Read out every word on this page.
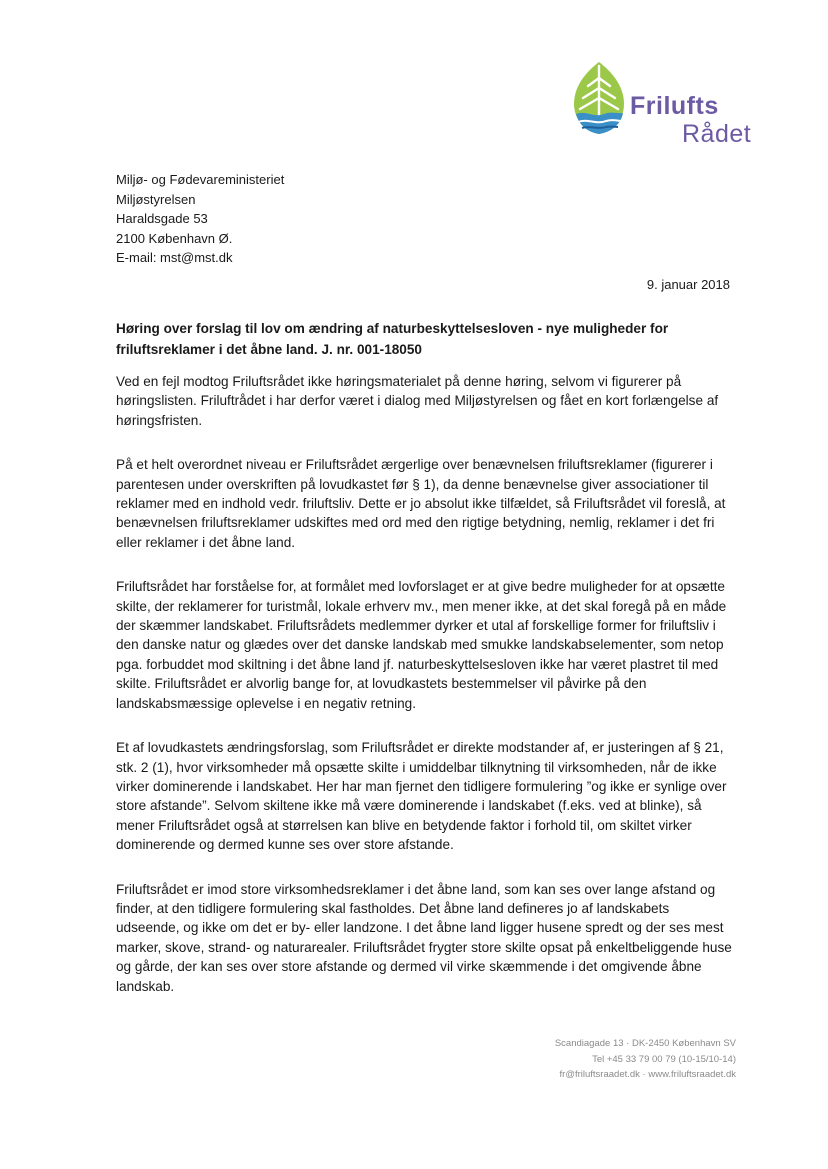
Frilufts
Rådet
Miljø- og Fødevareministeriet
Miljøstyrelsen
Haraldsgade 53
2100 København Ø.
E-mail: mst@mst.dk
9. januar 2018
Høring over forslag til lov om ændring af naturbeskyttelsesloven - nye muligheder for friluftsreklamer i det åbne land. J. nr. 001-18050

Ved en fejl modtog Friluftsrådet ikke høringsmaterialet på denne høring, selvom vi figurerer på høringslisten. Friluftrådet i har derfor været i dialog med Miljøstyrelsen og fået en kort forlængelse af høringsfristen.

På et helt overordnet niveau er Friluftsrådet ærgerlige over benævnelsen friluftsreklamer (figurerer i parentesen under overskriften på lovudkastet før § 1), da denne benævnelse giver associationer til reklamer med en indhold vedr. friluftsliv. Dette er jo absolut ikke tilfældet, så Friluftsrådet vil foreslå, at benævnelsen friluftsreklamer udskiftes med ord med den rigtige betydning, nemlig, reklamer i det fri eller reklamer i det åbne land.

Friluftsrådet har forståelse for, at formålet med lovforslaget er at give bedre muligheder for at opsætte skilte, der reklamerer for turistmål, lokale erhverv mv., men mener ikke, at det skal foregå på en måde der skæmmer landskabet. Friluftsrådets medlemmer dyrker et utal af forskellige former for friluftsliv i den danske natur og glædes over det danske landskab med smukke landskabselementer, som netop pga. forbuddet mod skiltning i det åbne land jf. naturbeskyttelsesloven ikke har været plastret til med skilte. Friluftsrådet er alvorlig bange for, at lovudkastets bestemmelser vil påvirke på den landskabsmæssige oplevelse i en negativ retning.

Et af lovudkastets ændringsforslag, som Friluftsrådet er direkte modstander af, er justeringen af § 21, stk. 2 (1), hvor virksomheder må opsætte skilte i umiddelbar tilknytning til virksomheden, når de ikke virker dominerende i landskabet. Her har man fjernet den tidligere formulering ”og ikke er synlige over store afstande”. Selvom skiltene ikke må være dominerende i landskabet (f.eks. ved at blinke), så mener Friluftsrådet også at størrelsen kan blive en betydende faktor i forhold til, om skiltet virker dominerende og dermed kunne ses over store afstande.

Friluftsrådet er imod store virksomhedsreklamer i det åbne land, som kan ses over lange afstand og finder, at den tidligere formulering skal fastholdes. Det åbne land defineres jo af landskabets udseende, og ikke om det er by- eller landzone. I det åbne land ligger husene spredt og der ses mest marker, skove, strand- og naturarealer. Friluftsrådet frygter store skilte opsat på enkeltbeliggende huse og gårde, der kan ses over store afstande og dermed vil virke skæmmende i det omgivende åbne landskab.

Scandiagade 13 · DK-2450 København SV
Tel +45 33 79 00 79 (10-15/10-14)
fr@friluftsraadet.dk · www.friluftsraadet.dk
